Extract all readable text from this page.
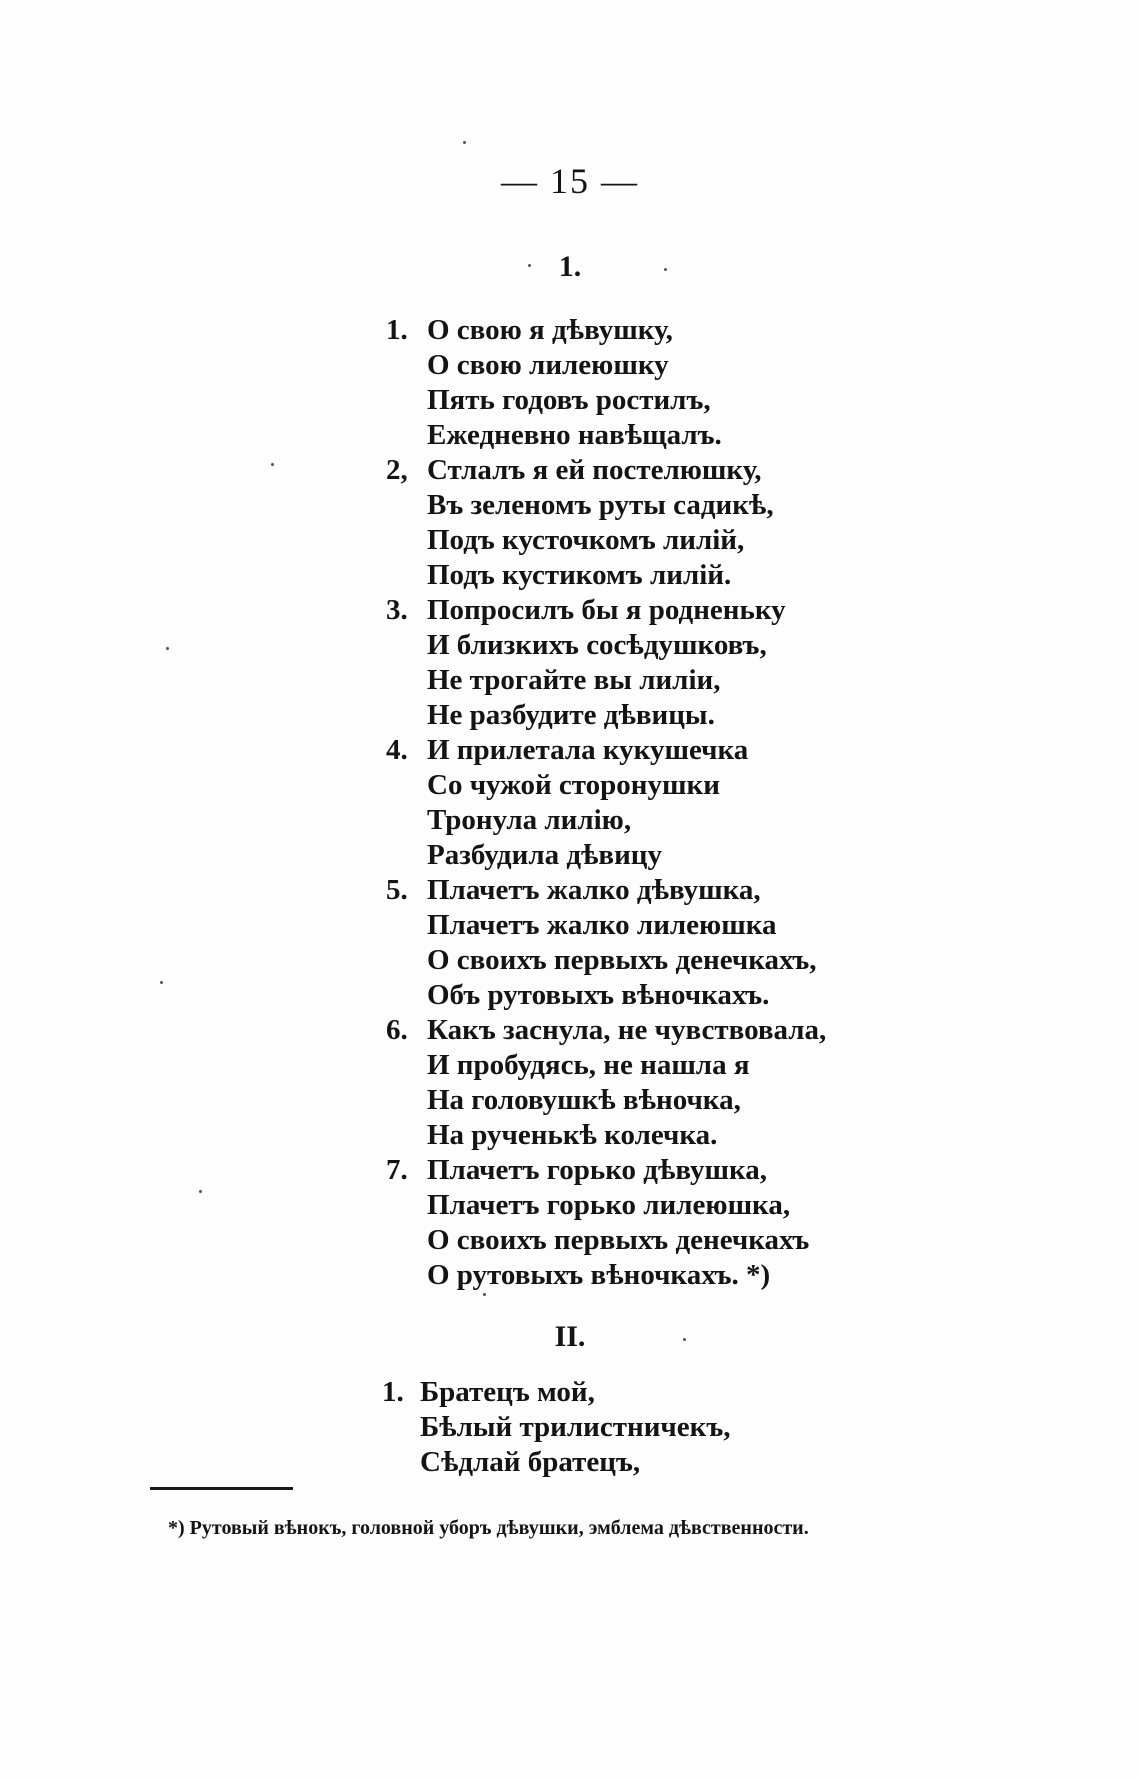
— 15 —
1.
1. О свою я дѣвушку,
О свою лилеюшку
Пять годовъ ростилъ,
Ежедневно навѣщалъ.
2, Стлалъ я ей постелюшку,
Въ зеленомъ руты садикѣ,
Подъ кусточкомъ лилій,
Подъ кустикомъ лилій.
3. Попросилъ бы я родненьку
И близкихъ сосѣдушковъ,
Не трогайте вы лиліи,
Не разбудите дѣвицы.
4. И прилетала кукушечка
Со чужой сторонушки
Тронула лилію,
Разбудила дѣвицу
5. Плачетъ жалко дѣвушка,
Плачетъ жалко лилеюшка
О своихъ первыхъ денечкахъ,
Объ рутовыхъ вѣночкахъ.
6. Какъ заснула, не чувствовала,
И пробудясь, не нашла я
На головушкѣ вѣночка,
На рученькѣ колечка.
7. Плачетъ горько дѣвушка,
Плачетъ горько лилеюшка,
О своихъ первыхъ денечкахъ
О рутовыхъ вѣночкахъ. *)
II.
1. Братецъ мой,
Бѣлый трилистничекъ,
Сѣдлай братецъ,
*) Рутовый вѣнокъ, головной уборъ дѣвушки, эмблема дѣвственности.
